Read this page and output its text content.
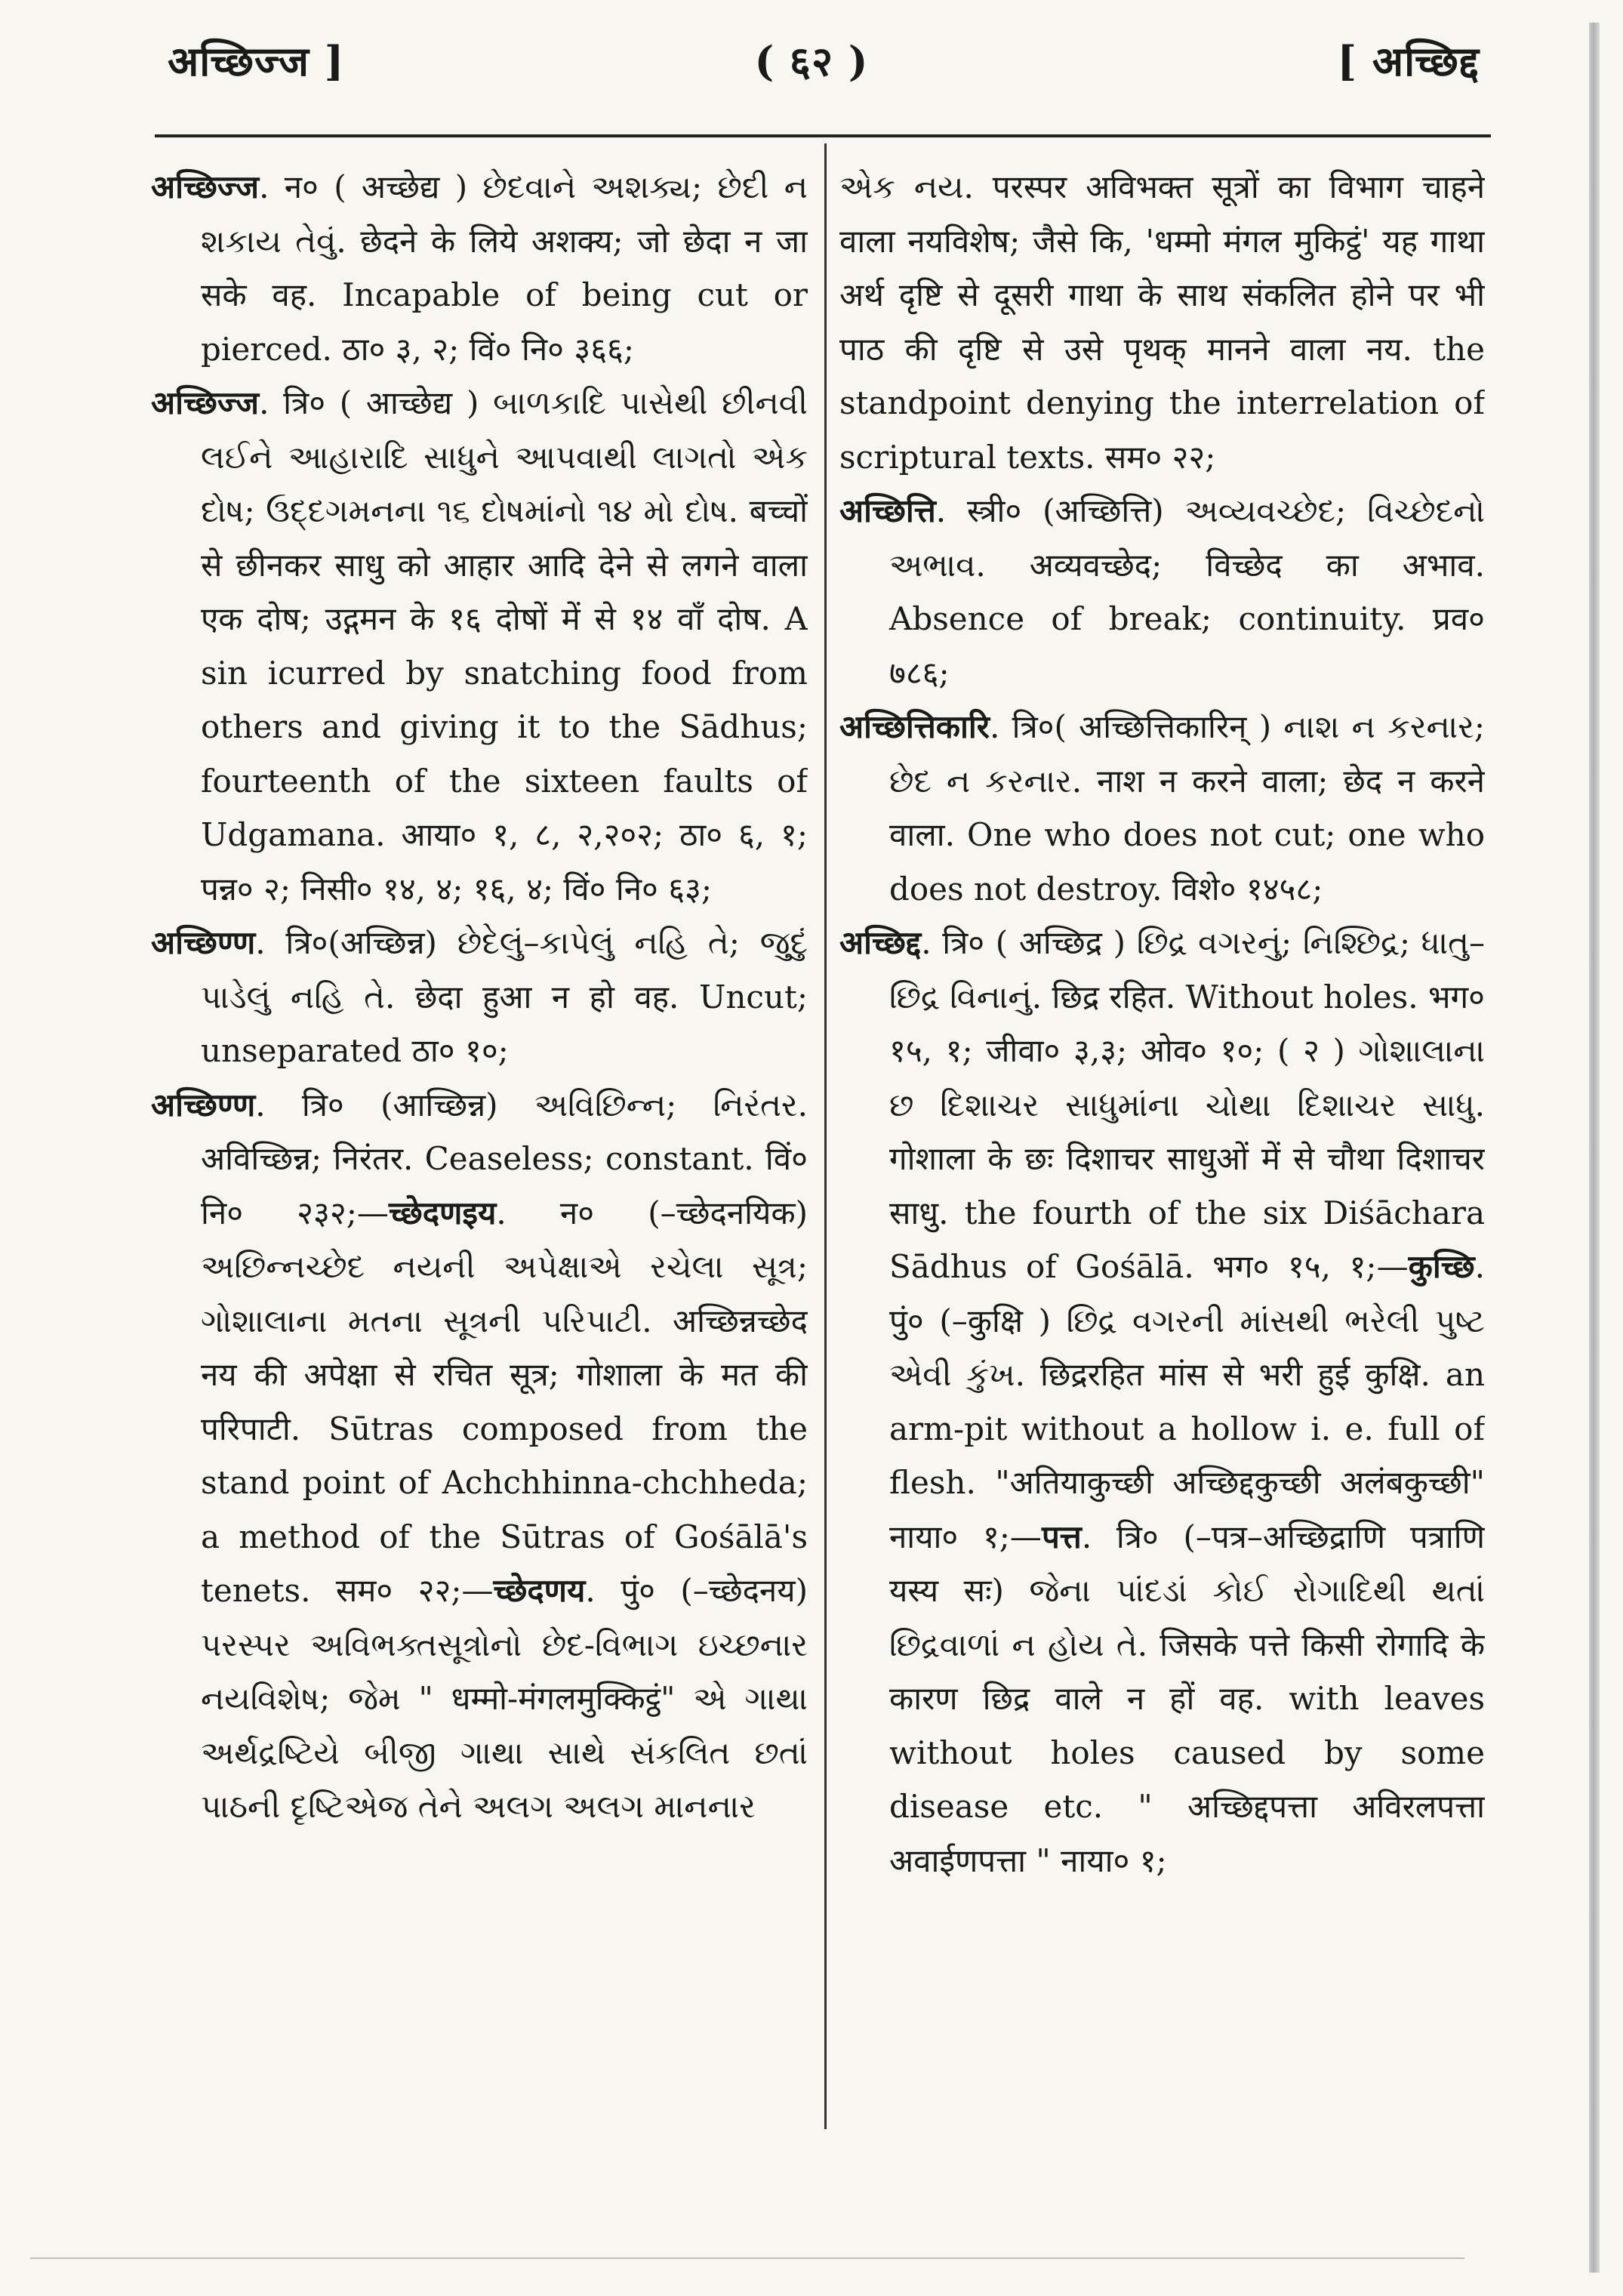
अच्छिज्ज ]	( ६२ )	[ अच्छिद्द

अच्छिज्ज. न० ( अच्छेद्य ) છેદવાને અશક્ય; છેદી ન શકાય તેવું. छेदने के लिये अशक्य; जो छेदा न जा सके वह. Incapable of being cut or pierced. ठा० ३, २; विं० नि० ३६६;

अच्छिज्ज. त्रि० ( आच्छेद्य ) બાળકાદિ પાસેથી છીનવી લઈને આહારાદિ સાધુને આપવાથી લાગતો એક દોષ; ઉદ્દગમનના ૧૬ દોષમાંનો ૧૪ મો દોષ. बच्चों से छीनकर साधु को आहार आदि देने से लगने वाला एक दोष; उद्गमन के १६ दोषों में से १४ वाँ दोष. A sin icurred by snatching food from others and giving it to the Sādhus; fourteenth of the sixteen faults of Udgamana. आया० १, ८, २,२०२; ठा० ६, १; पन्न० २; निसी० १४, ४; १६, ४; विं० नि० ६३;

अच्छिण्ण. त्रि०(अच्छिन्न) છેદેલું–કાપેલું નહિ તે; જુદું પાડેલું નહિ તે. छेदा हुआ न हो वह. Uncut; unseparated ठा० १०;

अच्छिण्ण. त्रि० (आच्छिन्न) અવિછિન્ન; નિરંતર. अविच्छिन्न; निरंतर. Ceaseless; constant. विं० नि० २३२;—च्छेदणइय. न० (–च्छेदनयिक) અછિન્નચ્છેદ નયની અપેક્ષાએ રચેલા સૂત્ર; ગોશાલાના મતના સૂત્રની પરિપાટી. अच्छिन्नच्छेद नय की अपेक्षा से रचित सूत्र; गोशाला के मत की परिपाटी. Sūtras composed from the stand point of Achchhinna-chchheda; a method of the Sūtras of Gośālā's tenets. सम० २२;—च्छेदणय. पुं० (–च्छेदनय) પરસ્પર અવિભક્તસૂત્રોનો છેદ-વિભાગ ઇચ્છનાર નયવિશેષ; જેમ " धम्मो-मंगलमुक्किट्ठं" એ ગાથા અર્થદ્રષ્ટિયે બીજી ગાથા સાથે સંકલિત છતાં પાઠની દૃષ્ટિએજ તેને અલગ અલગ માનનાર

એક નય. परस्पर अविभक्त सूत्रों का विभाग चाहने वाला नयविशेष; जैसे कि, 'धम्मो मंगल मुकिट्ठं' यह गाथा अर्थ दृष्टि से दूसरी गाथा के साथ संकलित होने पर भी पाठ की दृष्टि से उसे पृथक् मानने वाला नय. the standpoint denying the interrelation of scriptural texts. सम० २२;

अच्छित्ति. स्त्री० (अच्छित्ति) અવ્યવચ્છેદ; વિચ્છેદનો અભાવ. अव्यवच्छेद; विच्छेद का अभाव. Absence of break; continuity. प्रव० ७८६;

अच्छित्तिकारि. त्रि०( अच्छित्तिकारिन् ) નાશ ન કરનાર; છેદ ન કરનાર. नाश न करने वाला; छेद न करने वाला. One who does not cut; one who does not destroy. विशे० १४५८;

अच्छिद्द. त्रि० ( अच्छिद्र ) છિદ્ર વગરનું; નિશ્છિદ્ર; ધાતુ–છિદ્ર વિનાનું. छिद्र रहित. Without holes. भग० १५, १; जीवा० ३,३; ओव० १०; ( २ ) ગોશાલાના છ દિશાચર સાધુમાંના ચોથા દિશાચર સાધુ. गोशाला के छः दिशाचर साधुओं में से चौथा दिशाचर साधु. the fourth of the six Diśāchara Sādhus of Gośālā. भग० १५, १;—कुच्छि. पुं० (–कुक्षि ) છિદ્ર વગરની માંસથી ભરેલી પુષ્ટ એવી કુંખ. छिद्ररहित मांस से भरी हुई कुक्षि. an arm-pit without a hollow i. e. full of flesh. "अतियाकुच्छी अच्छिद्दकुच्छी अलंबकुच्छी" नाया० १;—पत्त. त्रि० (–पत्र–अच्छिद्राणि पत्राणि यस्य सः) જેના પાંદડાં કોઈ રોગાદિથી થતાં છિદ્રવાળાં ન હોય તે. जिसके पत्ते किसी रोगादि के कारण छिद्र वाले न हों वह. with leaves without holes caused by some disease etc. " अच्छिद्दपत्ता अविरलपत्ता अवाईणपत्ता " नाया० १;
